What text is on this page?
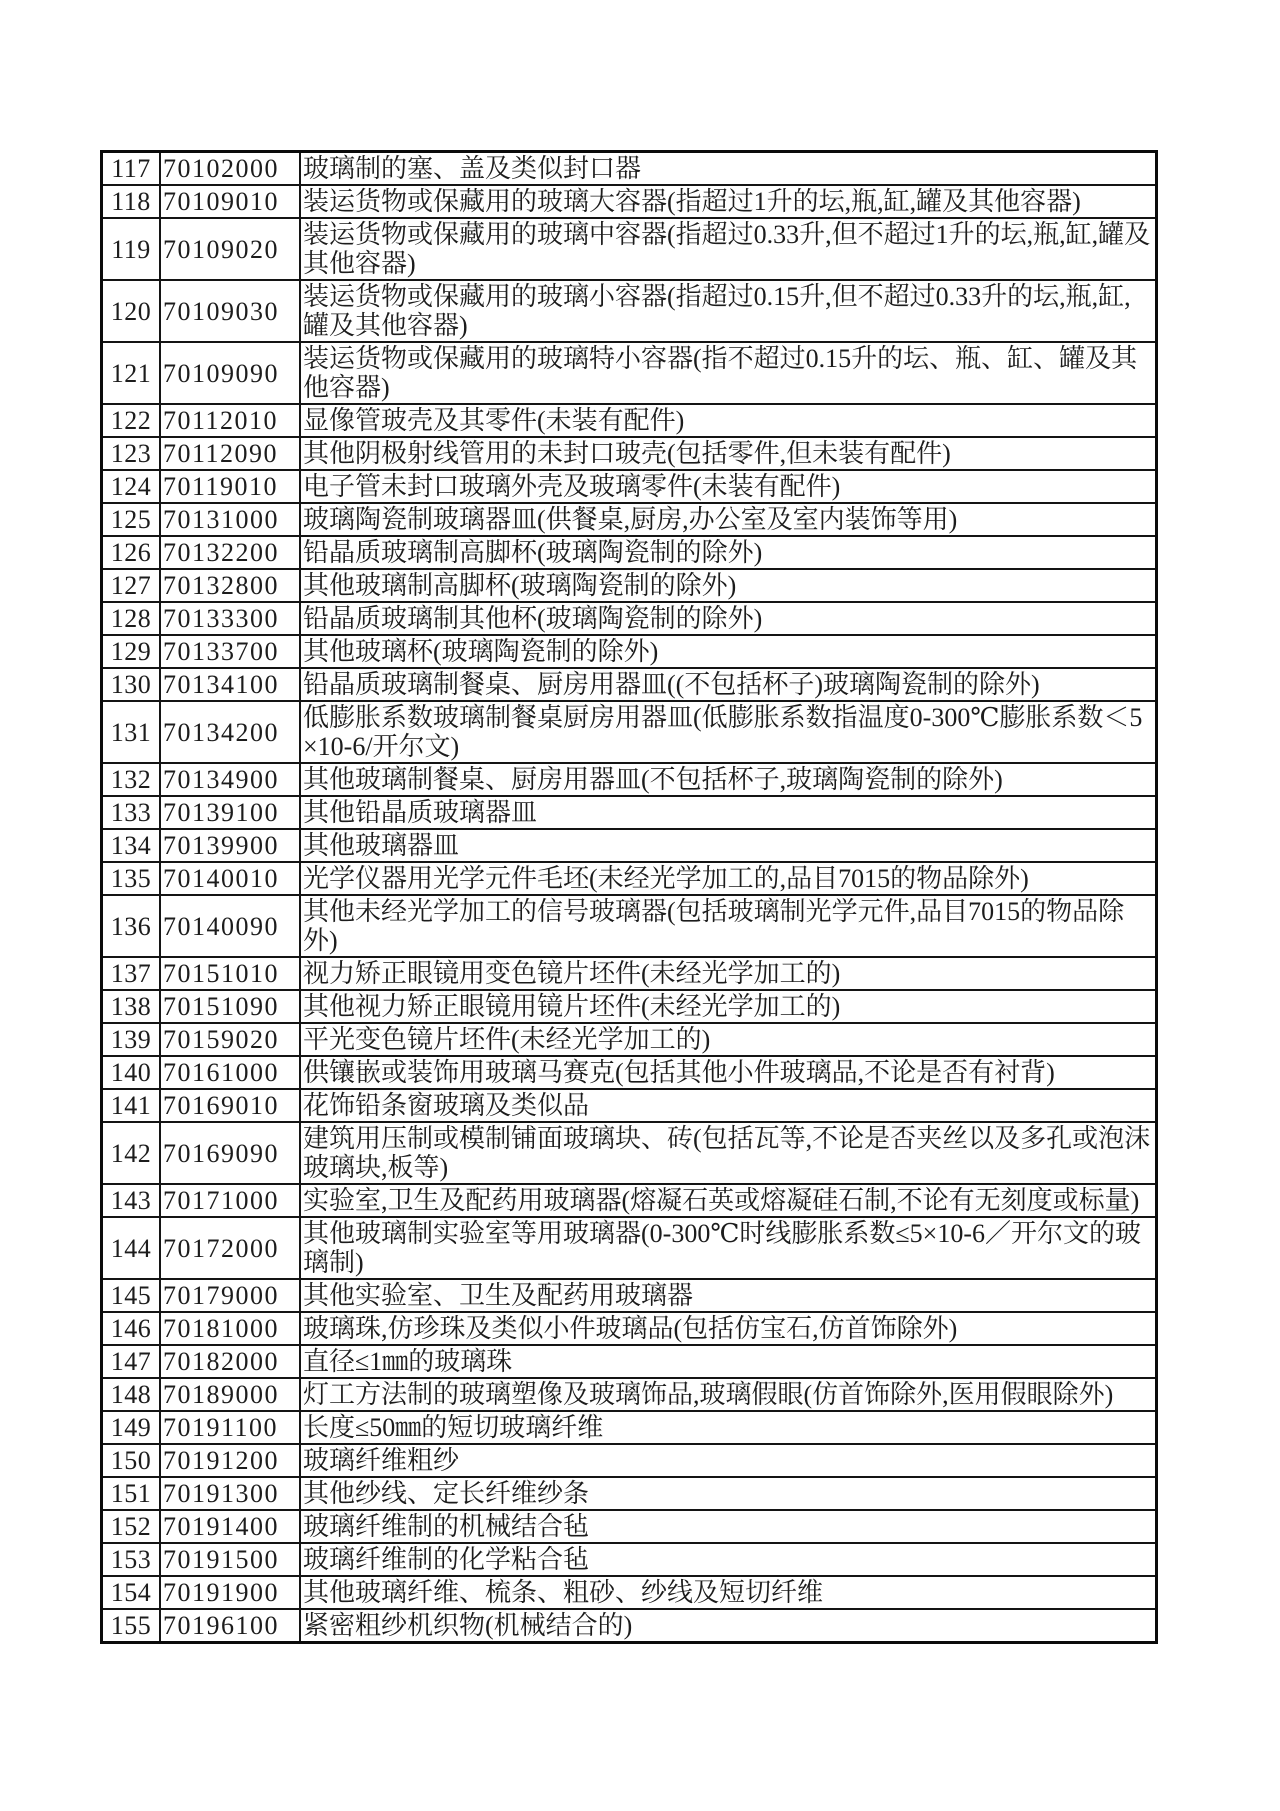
117	70102000	玻璃制的塞、盖及类似封口器
118	70109010	装运货物或保藏用的玻璃大容器(指超过1升的坛,瓶,缸,罐及其他容器)
119	70109020	装运货物或保藏用的玻璃中容器(指超过0.33升,但不超过1升的坛,瓶,缸,罐及其他容器)
120	70109030	装运货物或保藏用的玻璃小容器(指超过0.15升,但不超过0.33升的坛,瓶,缸,罐及其他容器)
121	70109090	装运货物或保藏用的玻璃特小容器(指不超过0.15升的坛、瓶、缸、罐及其他容器)
122	70112010	显像管玻壳及其零件(未装有配件)
123	70112090	其他阴极射线管用的未封口玻壳(包括零件,但未装有配件)
124	70119010	电子管未封口玻璃外壳及玻璃零件(未装有配件)
125	70131000	玻璃陶瓷制玻璃器皿(供餐桌,厨房,办公室及室内装饰等用)
126	70132200	铅晶质玻璃制高脚杯(玻璃陶瓷制的除外)
127	70132800	其他玻璃制高脚杯(玻璃陶瓷制的除外)
128	70133300	铅晶质玻璃制其他杯(玻璃陶瓷制的除外)
129	70133700	其他玻璃杯(玻璃陶瓷制的除外)
130	70134100	铅晶质玻璃制餐桌、厨房用器皿((不包括杯子)玻璃陶瓷制的除外)
131	70134200	低膨胀系数玻璃制餐桌厨房用器皿(低膨胀系数指温度0-300℃膨胀系数＜5×10-6/开尔文)
132	70134900	其他玻璃制餐桌、厨房用器皿(不包括杯子,玻璃陶瓷制的除外)
133	70139100	其他铅晶质玻璃器皿
134	70139900	其他玻璃器皿
135	70140010	光学仪器用光学元件毛坯(未经光学加工的,品目7015的物品除外)
136	70140090	其他未经光学加工的信号玻璃器(包括玻璃制光学元件,品目7015的物品除外)
137	70151010	视力矫正眼镜用变色镜片坯件(未经光学加工的)
138	70151090	其他视力矫正眼镜用镜片坯件(未经光学加工的)
139	70159020	平光变色镜片坯件(未经光学加工的)
140	70161000	供镶嵌或装饰用玻璃马赛克(包括其他小件玻璃品,不论是否有衬背)
141	70169010	花饰铅条窗玻璃及类似品
142	70169090	建筑用压制或模制铺面玻璃块、砖(包括瓦等,不论是否夹丝以及多孔或泡沫玻璃块,板等)
143	70171000	实验室,卫生及配药用玻璃器(熔凝石英或熔凝硅石制,不论有无刻度或标量)
144	70172000	其他玻璃制实验室等用玻璃器(0-300℃时线膨胀系数≤5×10-6／开尔文的玻璃制)
145	70179000	其他实验室、卫生及配药用玻璃器
146	70181000	玻璃珠,仿珍珠及类似小件玻璃品(包括仿宝石,仿首饰除外)
147	70182000	直径≤1㎜的玻璃珠
148	70189000	灯工方法制的玻璃塑像及玻璃饰品,玻璃假眼(仿首饰除外,医用假眼除外)
149	70191100	长度≤50㎜的短切玻璃纤维
150	70191200	玻璃纤维粗纱
151	70191300	其他纱线、定长纤维纱条
152	70191400	玻璃纤维制的机械结合毡
153	70191500	玻璃纤维制的化学粘合毡
154	70191900	其他玻璃纤维、梳条、粗砂、纱线及短切纤维
155	70196100	紧密粗纱机织物(机械结合的)
